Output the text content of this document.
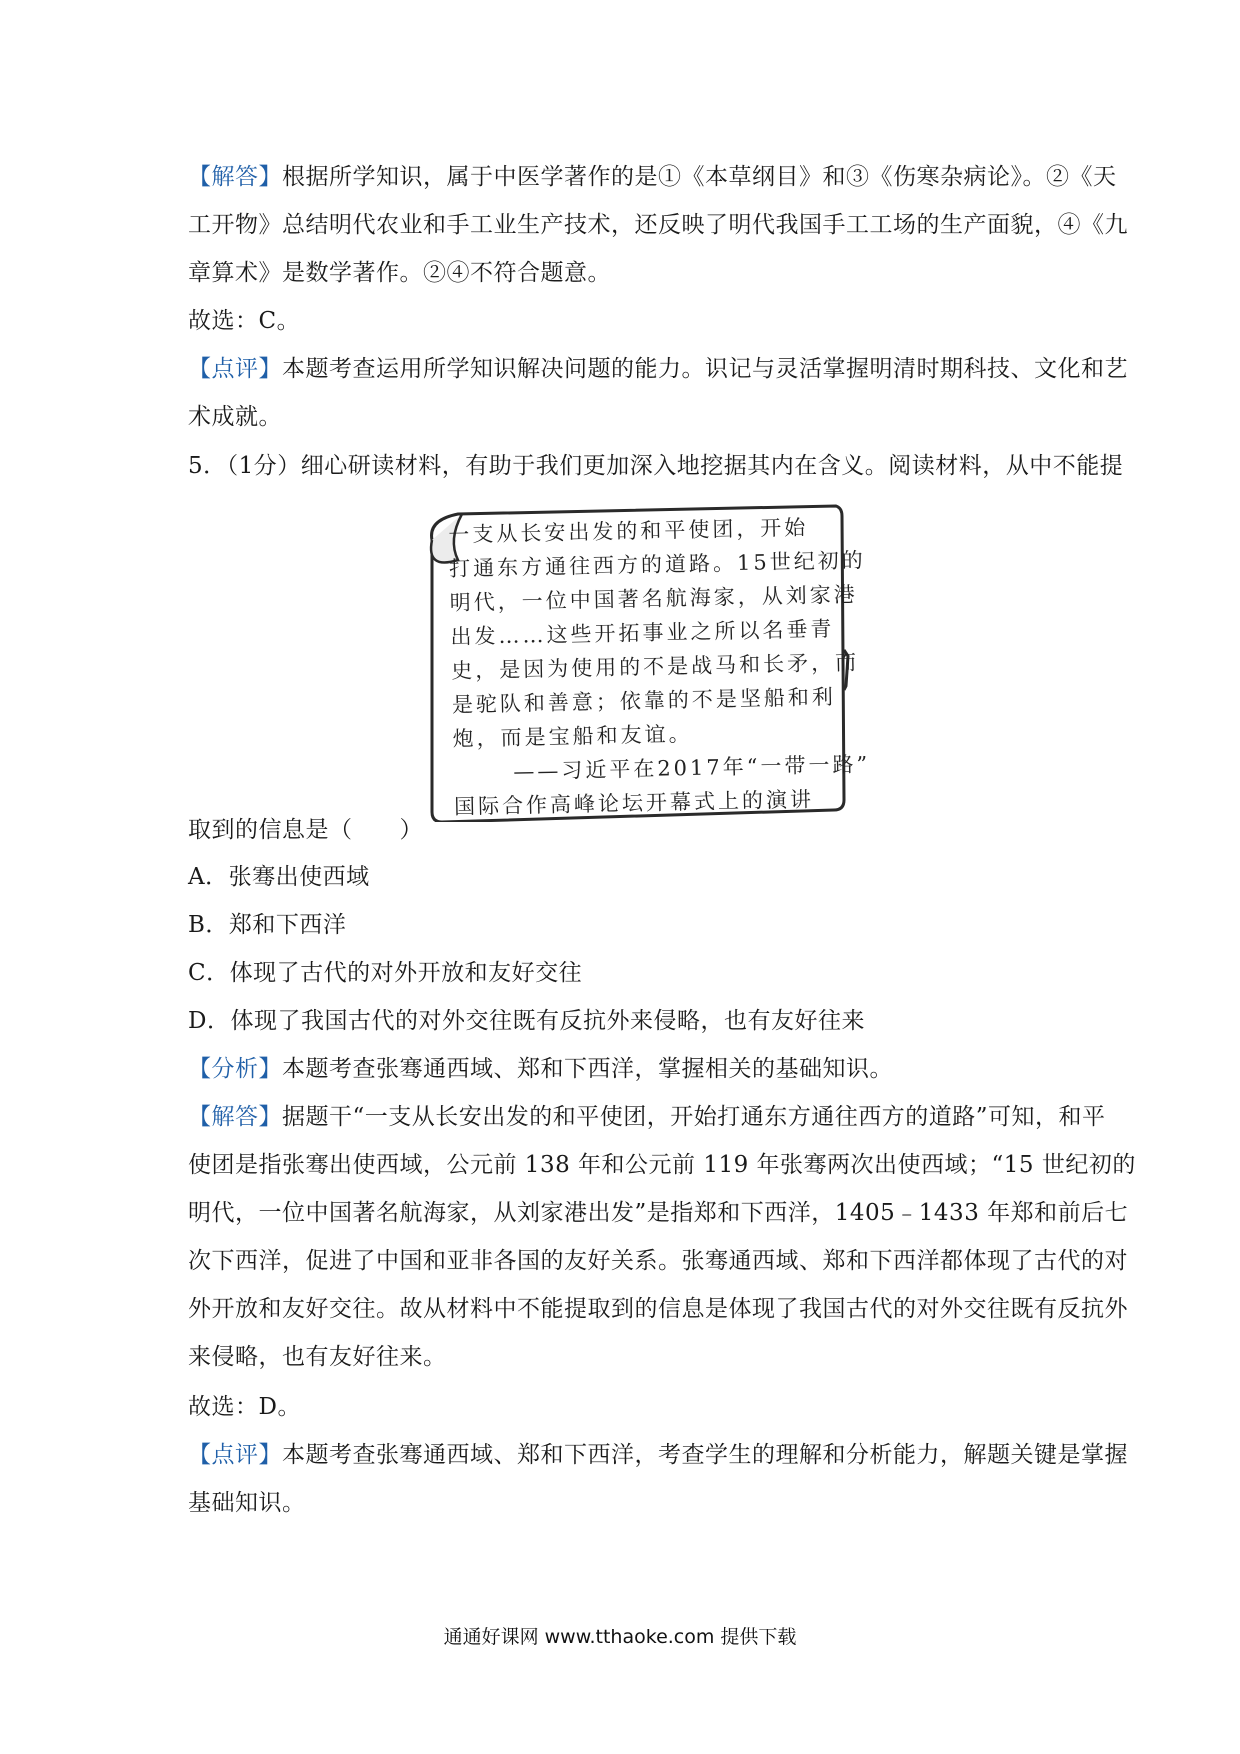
【解答】根据所学知识，属于中医学著作的是①《本草纲目》和③《伤寒杂病论》。②《天
工开物》总结明代农业和手工业生产技术，还反映了明代我国手工工场的生产面貌，④《九
章算术》是数学著作。②④不符合题意。
故选：C。
【点评】本题考查运用所学知识解决问题的能力。识记与灵活掌握明清时期科技、文化和艺
术成就。
5．（1分）细心研读材料，有助于我们更加深入地挖据其内在含义。阅读材料，从中不能提
一支从长安出发的和平使团，开始
打通东方通往西方的道路。15世纪初的
明代，一位中国著名航海家，从刘家港
出发……这些开拓事业之所以名垂青
史，是因为使用的不是战马和长矛，而
是驼队和善意；依靠的不是坚船和利
炮，而是宝船和友谊。
——习近平在2017年“一带一路”
国际合作高峰论坛开幕式上的演讲
取到的信息是（　　）
A．张骞出使西域
B．郑和下西洋
C．体现了古代的对外开放和友好交往
D．体现了我国古代的对外交往既有反抗外来侵略，也有友好往来
【分析】本题考查张骞通西域、郑和下西洋，掌握相关的基础知识。
【解答】据题干“一支从长安出发的和平使团，开始打通东方通往西方的道路”可知，和平
使团是指张骞出使西域，公元前 138 年和公元前 119 年张骞两次出使西域；“15 世纪初的
明代，一位中国著名航海家，从刘家港出发”是指郑和下西洋，1405﹣1433 年郑和前后七
次下西洋，促进了中国和亚非各国的友好关系。张骞通西域、郑和下西洋都体现了古代的对
外开放和友好交往。故从材料中不能提取到的信息是体现了我国古代的对外交往既有反抗外
来侵略，也有友好往来。
故选：D。
【点评】本题考查张骞通西域、郑和下西洋，考查学生的理解和分析能力，解题关键是掌握
基础知识。
通通好课网 www.tthaoke.com 提供下载
